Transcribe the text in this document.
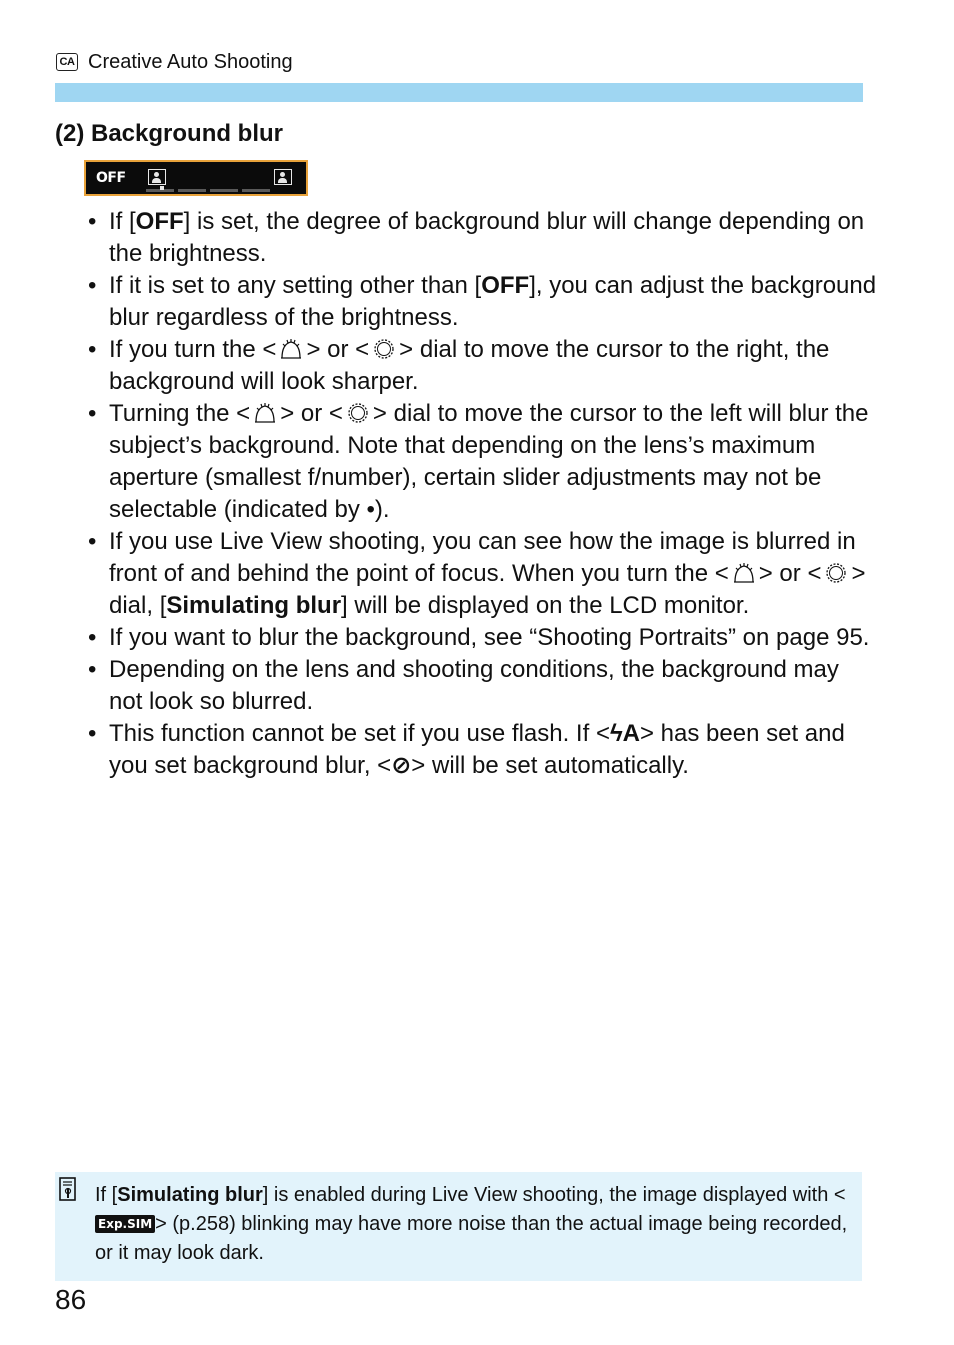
CA Creative Auto Shooting
(2) Background blur
OFF
• If [OFF] is set, the degree of background blur will change depending on the brightness.
• If it is set to any setting other than [OFF], you can adjust the background blur regardless of the brightness.
• If you turn the < > or < > dial to move the cursor to the right, the background will look sharper.
• Turning the < > or < > dial to move the cursor to the left will blur the subject’s background. Note that depending on the lens’s maximum aperture (smallest f/number), certain slider adjustments may not be selectable (indicated by •).
• If you use Live View shooting, you can see how the image is blurred in front of and behind the point of focus. When you turn the < > or < > dial, [Simulating blur] will be displayed on the LCD monitor.
• If you want to blur the background, see “Shooting Portraits” on page 95.
• Depending on the lens and shooting conditions, the background may not look so blurred.
• This function cannot be set if you use flash. If <ϟA> has been set and you set background blur, <⊘> will be set automatically.
If [Simulating blur] is enabled during Live View shooting, the image displayed with <Exp.SIM > (p.258) blinking may have more noise than the actual image being recorded, or it may look dark.
86
